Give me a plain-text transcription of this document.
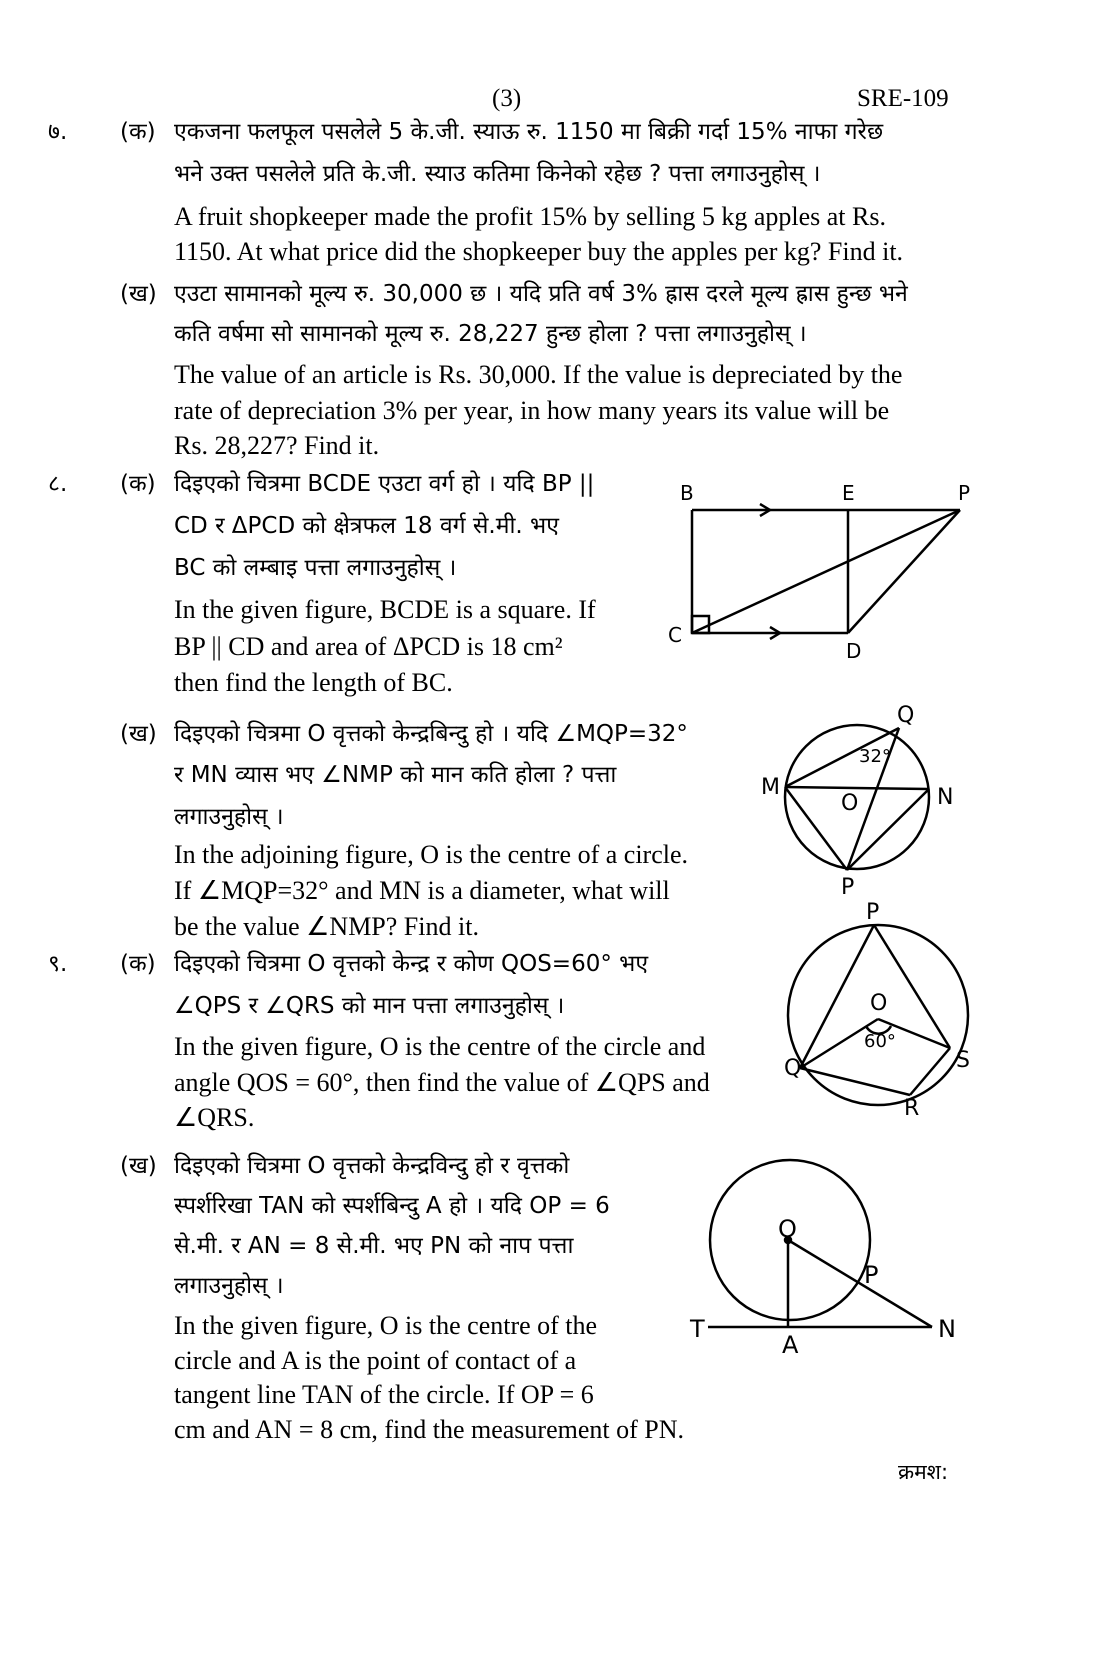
(3)	SRE-109
७. (क) एकजना फलफूल पसलेले 5 के.जी. स्याऊ रु. 1150 मा बिक्री गर्दा 15% नाफा गरेछ
भने उक्त पसलेले प्रति के.जी. स्याउ कतिमा किनेको रहेछ ? पत्ता लगाउनुहोस् ।
A fruit shopkeeper made the profit 15% by selling 5 kg apples at Rs.
1150. At what price did the shopkeeper buy the apples per kg? Find it.
(ख) एउटा सामानको मूल्य रु. 30,000 छ । यदि प्रति वर्ष 3% ह्रास दरले मूल्य ह्रास हुन्छ भने
कति वर्षमा सो सामानको मूल्य रु. 28,227 हुन्छ होला ? पत्ता लगाउनुहोस् ।
The value of an article is Rs. 30,000. If the value is depreciated by the
rate of depreciation 3% per year, in how many years its value will be
Rs. 28,227? Find it.
८. (क) दिइएको चित्रमा BCDE एउटा वर्ग हो । यदि BP ||
CD र ΔPCD को क्षेत्रफल 18 वर्ग से.मी. भए
BC को लम्बाइ पत्ता लगाउनुहोस् ।
In the given figure, BCDE is a square. If
BP || CD and area of ΔPCD is 18 cm²
then find the length of BC.
B	E	P
C
D
(ख) दिइएको चित्रमा O वृत्तको केन्द्रबिन्दु हो । यदि ∠MQP=32°
र MN व्यास भए ∠NMP को मान कति होला ? पत्ता
लगाउनुहोस् ।
In the adjoining figure, O is the centre of a circle.
If ∠MQP=32° and MN is a diameter, what will
be the value ∠NMP? Find it.
Q
M
O	N
P
32°
९. (क) दिइएको चित्रमा O वृत्तको केन्द्र र कोण QOS=60° भए
∠QPS र ∠QRS को मान पत्ता लगाउनुहोस् ।
In the given figure, O is the centre of the circle and
angle QOS = 60°, then find the value of ∠QPS and
∠QRS.
P
O
Q	S
R
60°
(ख) दिइएको चित्रमा O वृत्तको केन्द्रविन्दु हो र वृत्तको
स्पर्शरिखा TAN को स्पर्शबिन्दु A हो । यदि OP = 6
से.मी. र AN = 8 से.मी. भए PN को नाप पत्ता
लगाउनुहोस् ।
In the given figure, O is the centre of the
circle and A is the point of contact of a
tangent line TAN of the circle. If OP = 6
cm and AN = 8 cm, find the measurement of PN.
O
P
T
A
N
क्रमश:
